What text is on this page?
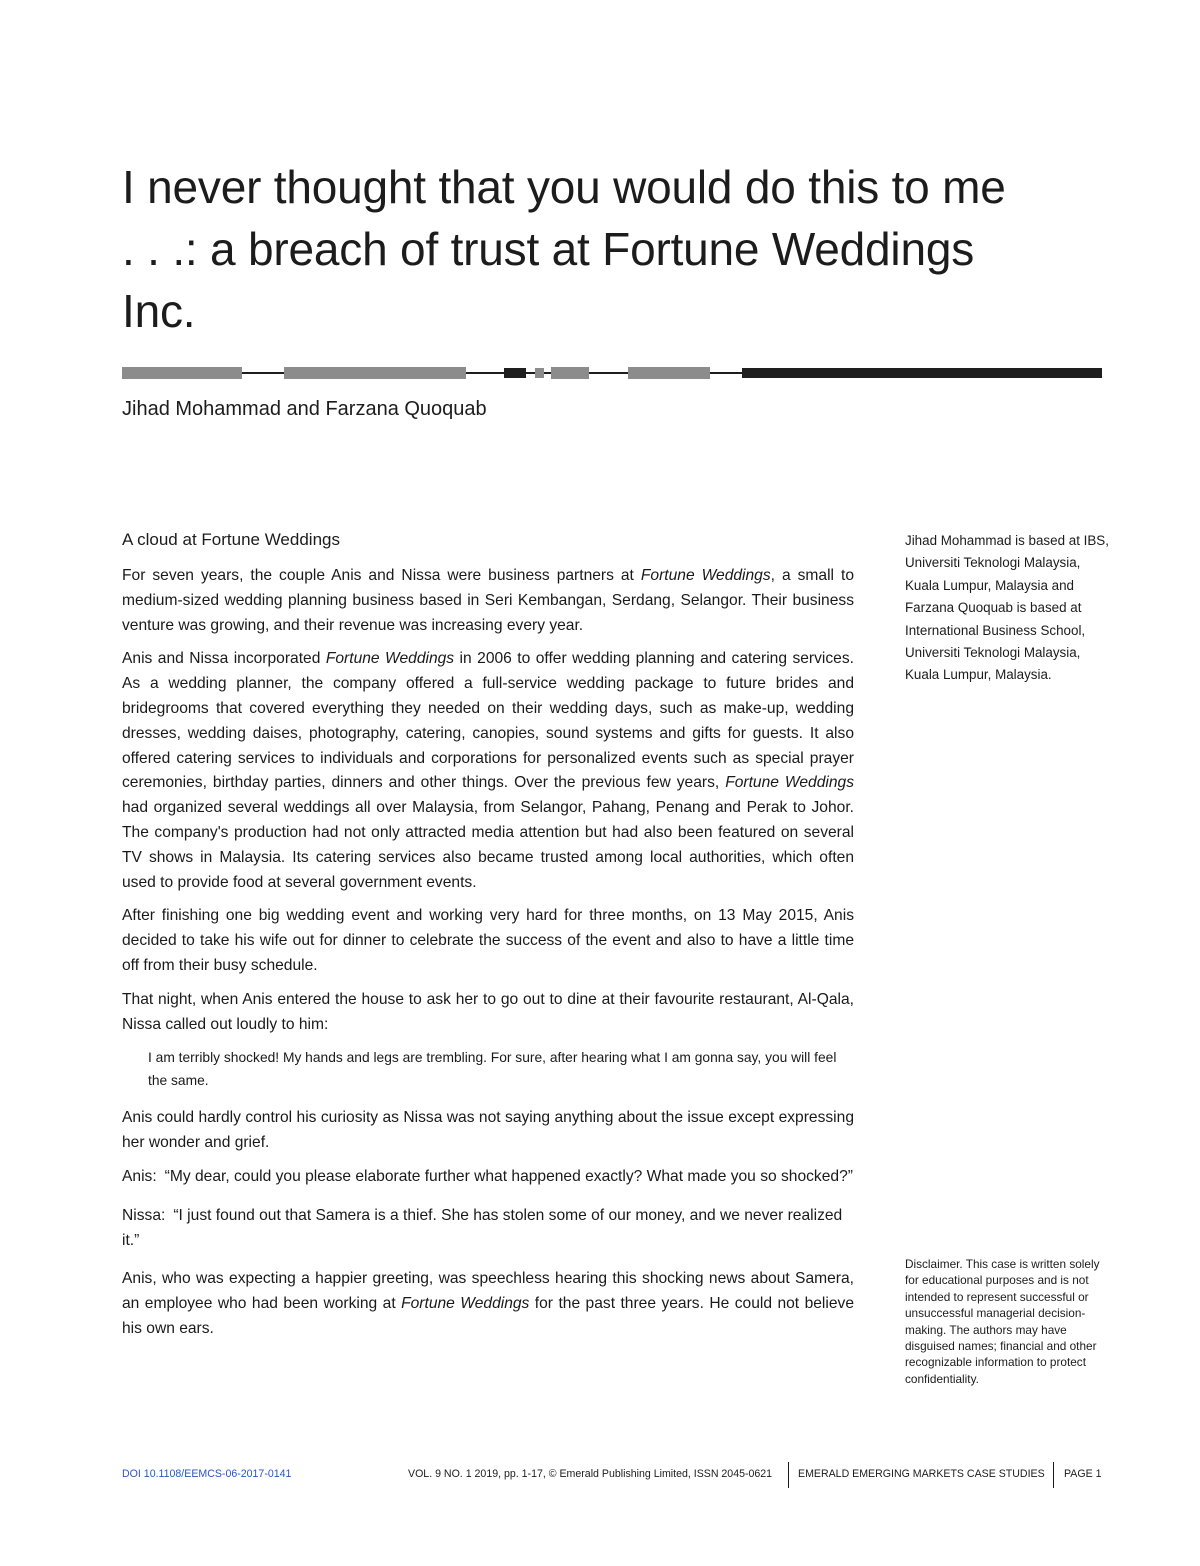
I never thought that you would do this to me . . .: a breach of trust at Fortune Weddings Inc.

Jihad Mohammad and Farzana Quoquab

A cloud at Fortune Weddings

For seven years, the couple Anis and Nissa were business partners at Fortune Weddings, a small to medium-sized wedding planning business based in Seri Kembangan, Serdang, Selangor. Their business venture was growing, and their revenue was increasing every year.

Anis and Nissa incorporated Fortune Weddings in 2006 to offer wedding planning and catering services. As a wedding planner, the company offered a full-service wedding package to future brides and bridegrooms that covered everything they needed on their wedding days, such as make-up, wedding dresses, wedding daises, photography, catering, canopies, sound systems and gifts for guests. It also offered catering services to individuals and corporations for personalized events such as special prayer ceremonies, birthday parties, dinners and other things. Over the previous few years, Fortune Weddings had organized several weddings all over Malaysia, from Selangor, Pahang, Penang and Perak to Johor. The company's production had not only attracted media attention but had also been featured on several TV shows in Malaysia. Its catering services also became trusted among local authorities, which often used to provide food at several government events.

After finishing one big wedding event and working very hard for three months, on 13 May 2015, Anis decided to take his wife out for dinner to celebrate the success of the event and also to have a little time off from their busy schedule.

That night, when Anis entered the house to ask her to go out to dine at their favourite restaurant, Al-Qala, Nissa called out loudly to him:

I am terribly shocked! My hands and legs are trembling. For sure, after hearing what I am gonna say, you will feel the same.

Anis could hardly control his curiosity as Nissa was not saying anything about the issue except expressing her wonder and grief.

Anis: “My dear, could you please elaborate further what happened exactly? What made you so shocked?”

Nissa: “I just found out that Samera is a thief. She has stolen some of our money, and we never realized it.”

Anis, who was expecting a happier greeting, was speechless hearing this shocking news about Samera, an employee who had been working at Fortune Weddings for the past three years. He could not believe his own ears.

Jihad Mohammad is based at IBS, Universiti Teknologi Malaysia, Kuala Lumpur, Malaysia and Farzana Quoquab is based at International Business School, Universiti Teknologi Malaysia, Kuala Lumpur, Malaysia.

Disclaimer. This case is written solely for educational purposes and is not intended to represent successful or unsuccessful managerial decision-making. The authors may have disguised names; financial and other recognizable information to protect confidentiality.

DOI 10.1108/EEMCS-06-2017-0141	VOL. 9 NO. 1 2019, pp. 1-17, © Emerald Publishing Limited, ISSN 2045-0621 EMERALD EMERGING MARKETS CASE STUDIES PAGE 1
